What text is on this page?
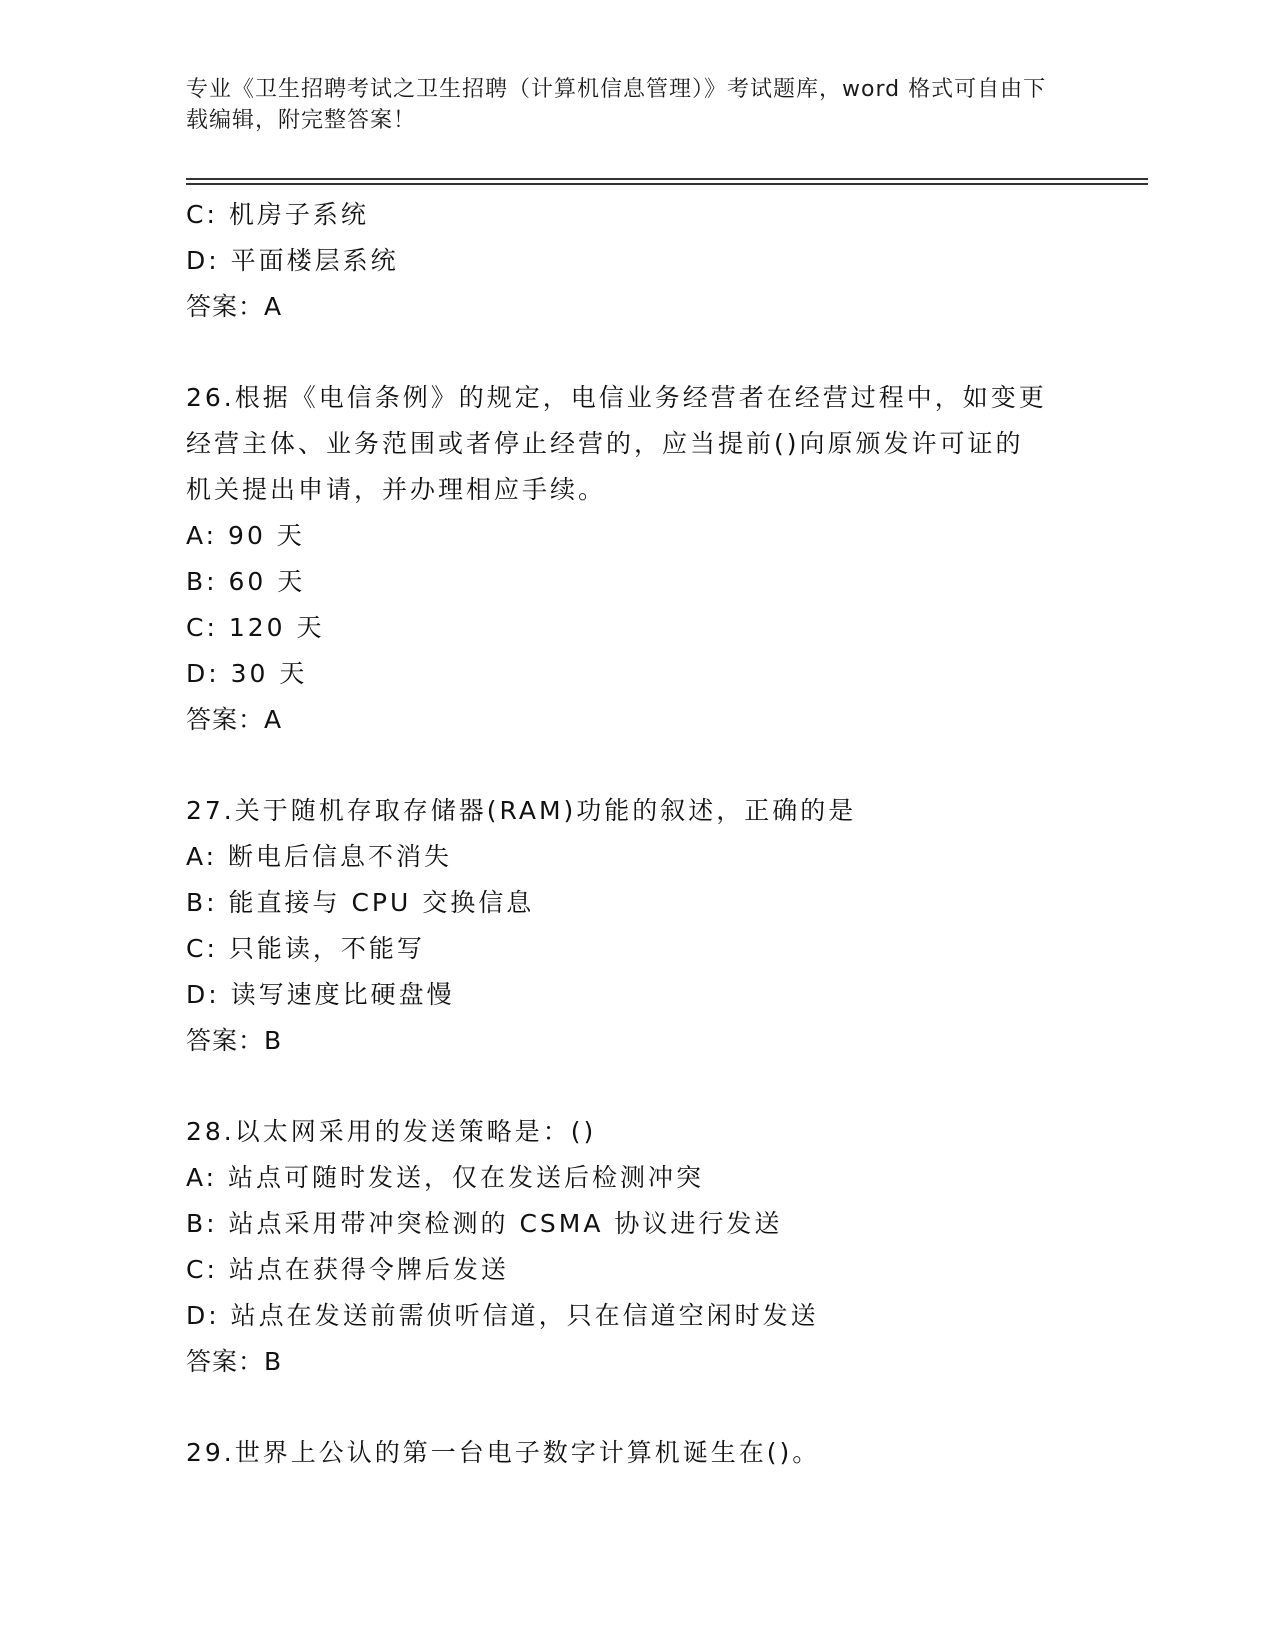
专业《卫生招聘考试之卫生招聘（计算机信息管理）》考试题库，word 格式可自由下载编辑，附完整答案！
C: 机房子系统
D: 平面楼层系统
答案：A
26.根据《电信条例》的规定，电信业务经营者在经营过程中，如变更
经营主体、业务范围或者停止经营的，应当提前()向原颁发许可证的
机关提出申请，并办理相应手续。
A: 90 天
B: 60 天
C: 120 天
D: 30 天
答案：A
27.关于随机存取存储器(RAM)功能的叙述，正确的是
A: 断电后信息不消失
B: 能直接与 CPU 交换信息
C: 只能读，不能写
D: 读写速度比硬盘慢
答案：B
28.以太网采用的发送策略是：()
A: 站点可随时发送，仅在发送后检测冲突
B: 站点采用带冲突检测的 CSMA 协议进行发送
C: 站点在获得令牌后发送
D: 站点在发送前需侦听信道，只在信道空闲时发送
答案：B
29.世界上公认的第一台电子数字计算机诞生在()。
